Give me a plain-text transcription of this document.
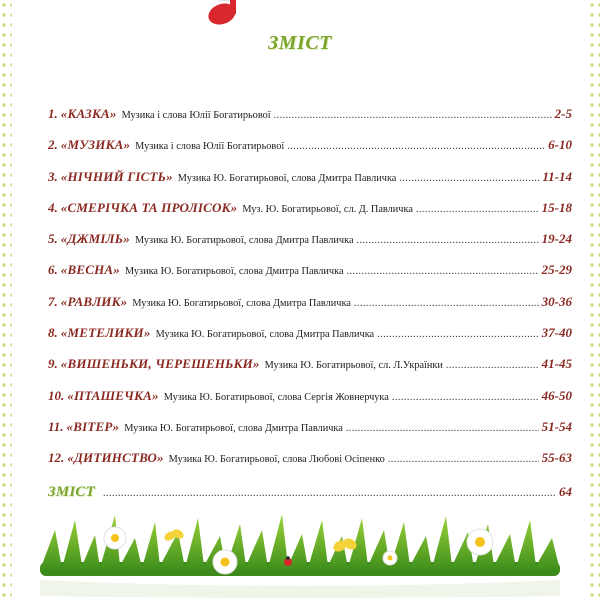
ЗМІСТ
1. «КАЗКА» Музика і слова Юлії Богатирьової .....	2-5
2. «МУЗИКА» Музика і слова Юлії Богатирьової .....	6-10
3. «НІЧНИЙ ГІСТЬ» Музика Ю. Богатирьової, слова Дмитра Павличка .....	11-14
4. «СМЕРІЧКА ТА ПРОЛІСОК» Муз. Ю. Богатирьової, сл. Д. Павличка .....	15-18
5. «ДЖМІЛЬ» Музика Ю. Богатирьової, слова Дмитра Павличка .....	19-24
6. «ВЕСНА» Музика Ю. Богатирьової, слова Дмитра Павличка .....	25-29
7. «РАВЛИК» Музика Ю. Богатирьової, слова Дмитра Павличка .....	30-36
8. «МЕТЕЛИКИ» Музика Ю. Богатирьової, слова Дмитра Павличка .....	37-40
9. «ВИШЕНЬКИ, ЧЕРЕШЕНЬКИ» Музика Ю. Богатирьової, сл. Л.Українки .....	41-45
10. «ПТАШЕЧКА» Музика Ю. Богатирьової, слова Сергія Жовнерчука .....	46-50
11. «ВІТЕР» Музика Ю. Богатирьової, слова Дмитра Павличка .....	51-54
12. «ДИТИНСТВО» Музика Ю. Богатирьової, слова Любові Осіпенко .....	55-63
ЗМІСТ .....	64
